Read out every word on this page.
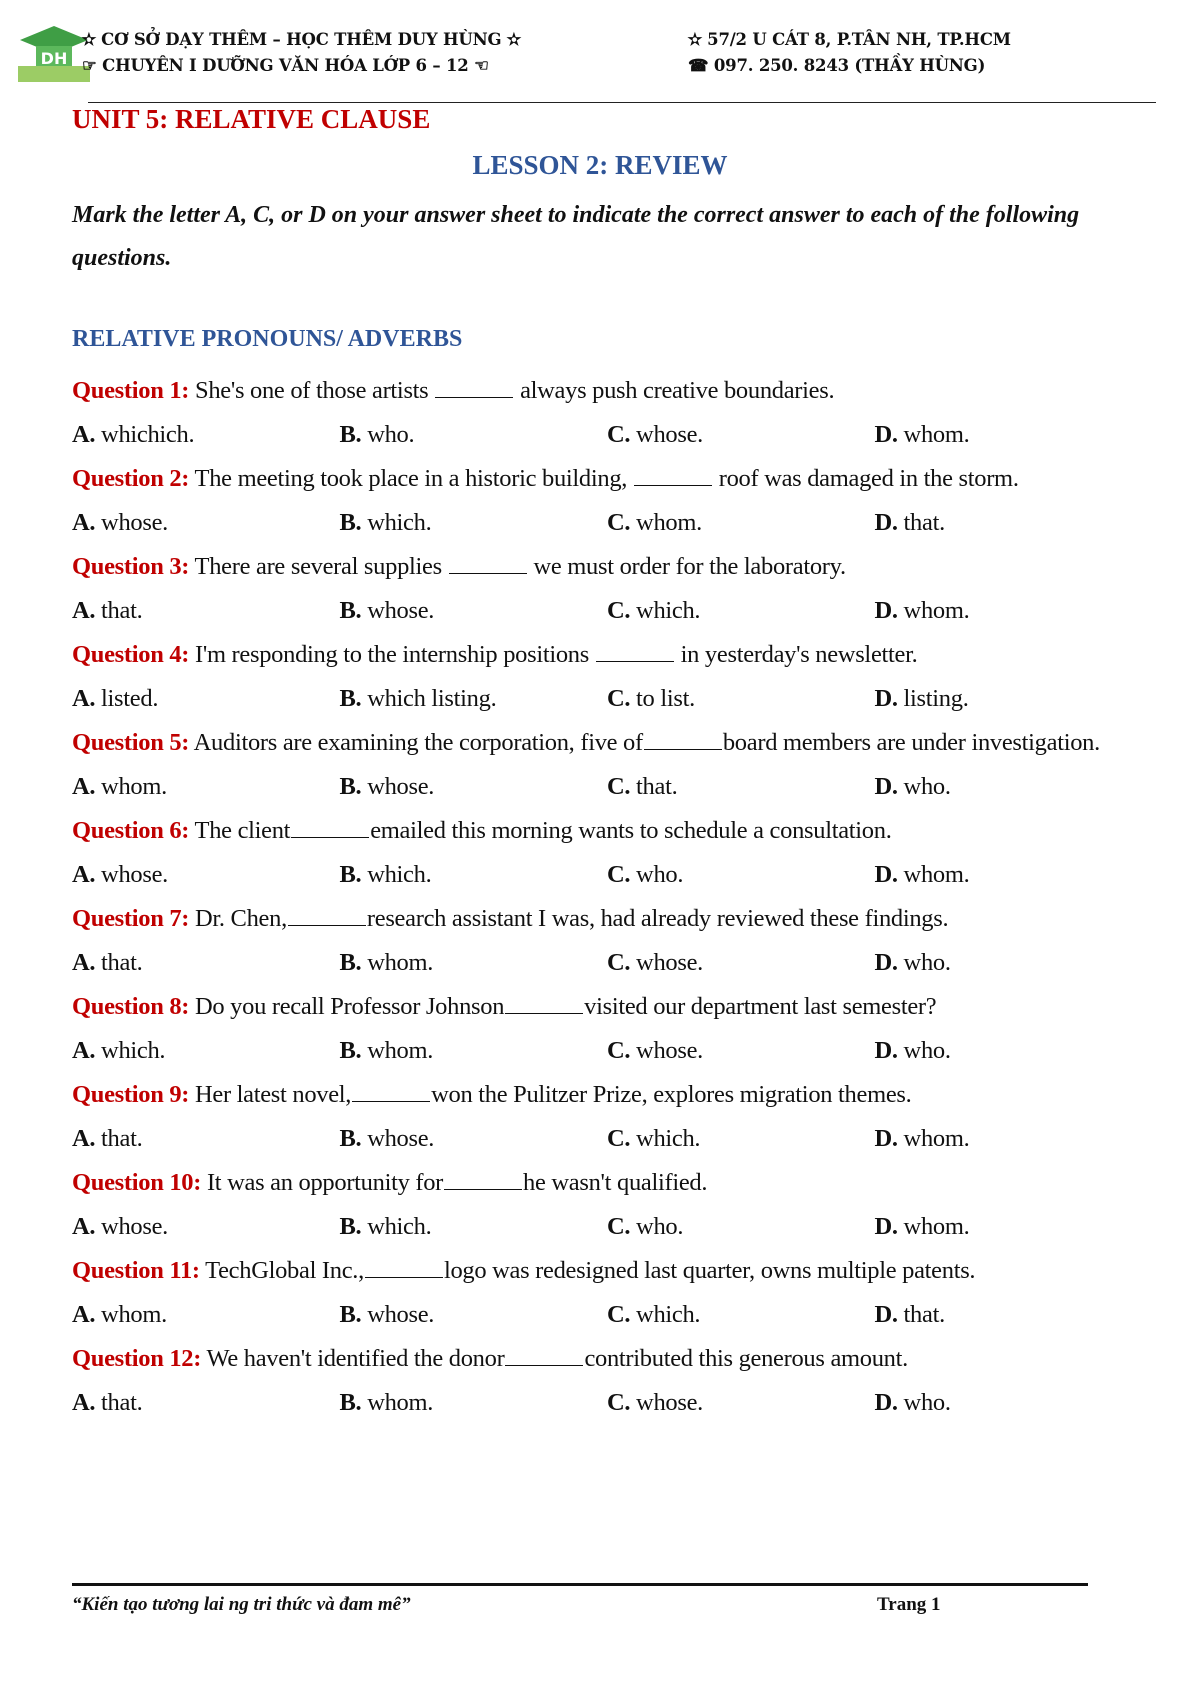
DH
✫ CƠ SỞ DẠY THÊM – HỌC THÊM DUY HÙNG ✫
☞ CHUYÊN I DƯỠNG VĂN HÓA LỚP 6 – 12 ☜
✫ 57/2 U CÁT 8, P.TÂN NH, TP.HCM
☎ 097. 250. 8243 (THẦY HÙNG)
UNIT 5: RELATIVE CLAUSE
LESSON 2: REVIEW
Mark the letter A, C, or D on your answer sheet to indicate the correct answer to each of the following questions.
RELATIVE PRONOUNS/ ADVERBS
Question 1: She's one of those artists	always push creative boundaries.
A. whichich.	B. who.	C. whose.	D. whom.
Question 2: The meeting took place in a historic building,	roof was damaged in the storm.
A. whose.	B. which.	C. whom.	D. that.
Question 3: There are several supplies	we must order for the laboratory.
A. that.	B. whose.	C. which.	D. whom.
Question 4: I'm responding to the internship positions	in yesterday's newsletter.
A. listed.	B. which listing.	C. to list.	D. listing.
Question 5: Auditors are examining the corporation, five of	board members are under investigation.
A. whom.	B. whose.	C. that.	D. who.
Question 6: The client	emailed this morning wants to schedule a consultation.
A. whose.	B. which.	C. who.	D. whom.
Question 7: Dr. Chen,	research assistant I was, had already reviewed these findings.
A. that.	B. whom.	C. whose.	D. who.
Question 8: Do you recall Professor Johnson	visited our department last semester?
A. which.	B. whom.	C. whose.	D. who.
Question 9: Her latest novel,	won the Pulitzer Prize, explores migration themes.
A. that.	B. whose.	C. which.	D. whom.
Question 10: It was an opportunity for	he wasn't qualified.
A. whose.	B. which.	C. who.	D. whom.
Question 11: TechGlobal Inc.,	logo was redesigned last quarter, owns multiple patents.
A. whom.	B. whose.	C. which.	D. that.
Question 12: We haven't identified the donor	contributed this generous amount.
A. that.	B. whom.	C. whose.	D. who.
“Kiến tạo tương lai ng tri thức và đam mê”	Trang 1
